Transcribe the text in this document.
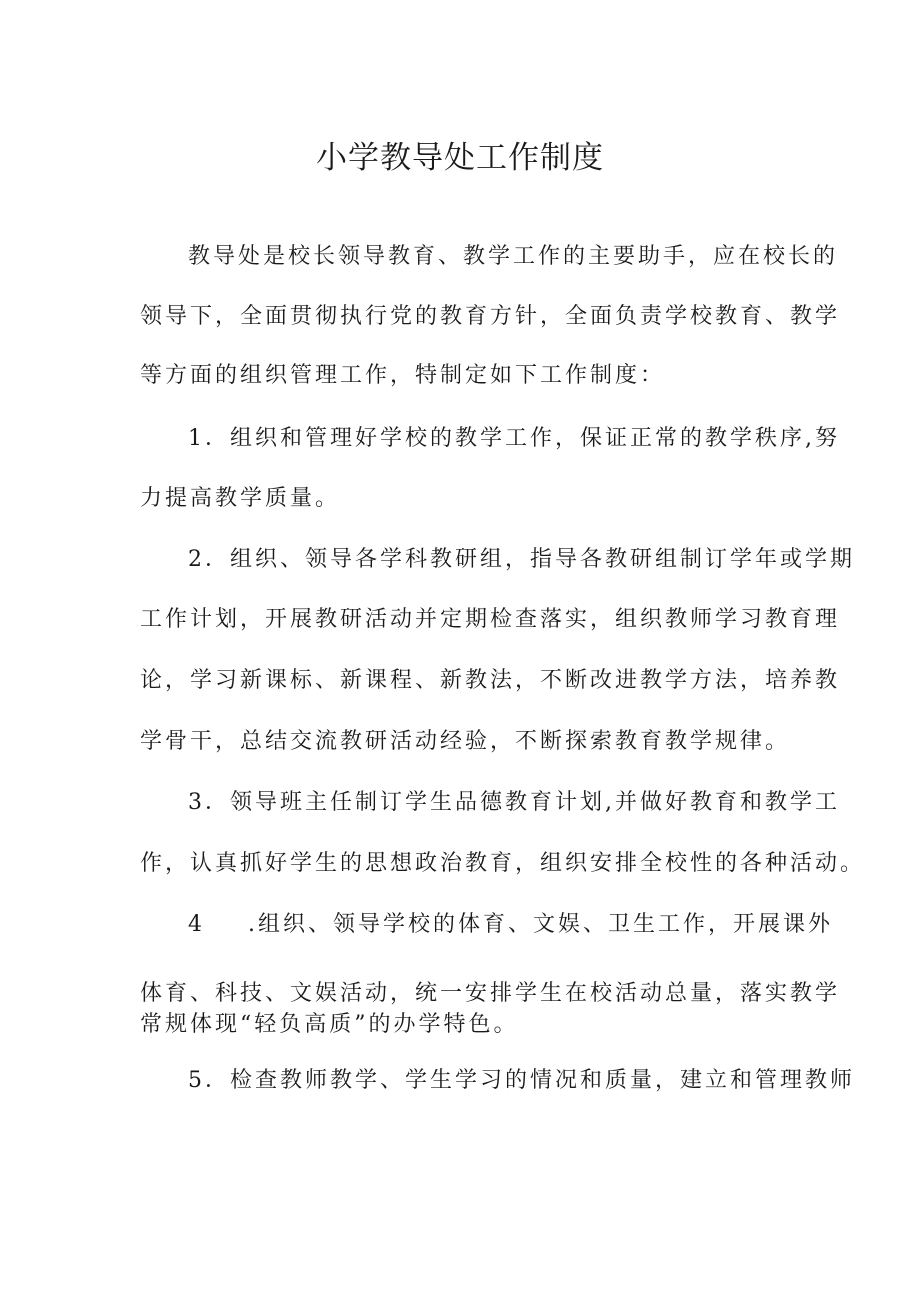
小学教导处工作制度
教导处是校长领导教育、教学工作的主要助手，应在校长的
领导下，全面贯彻执行党的教育方针，全面负责学校教育、教学
等方面的组织管理工作，特制定如下工作制度：
1．组织和管理好学校的教学工作，保证正常的教学秩序,努
力提高教学质量。
2．组织、领导各学科教研组，指导各教研组制订学年或学期
工作计划，开展教研活动并定期检查落实，组织教师学习教育理
论，学习新课标、新课程、新教法，不断改进教学方法，培养教
学骨干，总结交流教研活动经验，不断探索教育教学规律。
3．领导班主任制订学生品德教育计划,并做好教育和教学工
作，认真抓好学生的思想政治教育，组织安排全校性的各种活动。
4 .组织、领导学校的体育、文娱、卫生工作，开展课外
体育、科技、文娱活动，统一安排学生在校活动总量，落实教学
常规体现“轻负高质”的办学特色。
5．检查教师教学、学生学习的情况和质量，建立和管理教师
